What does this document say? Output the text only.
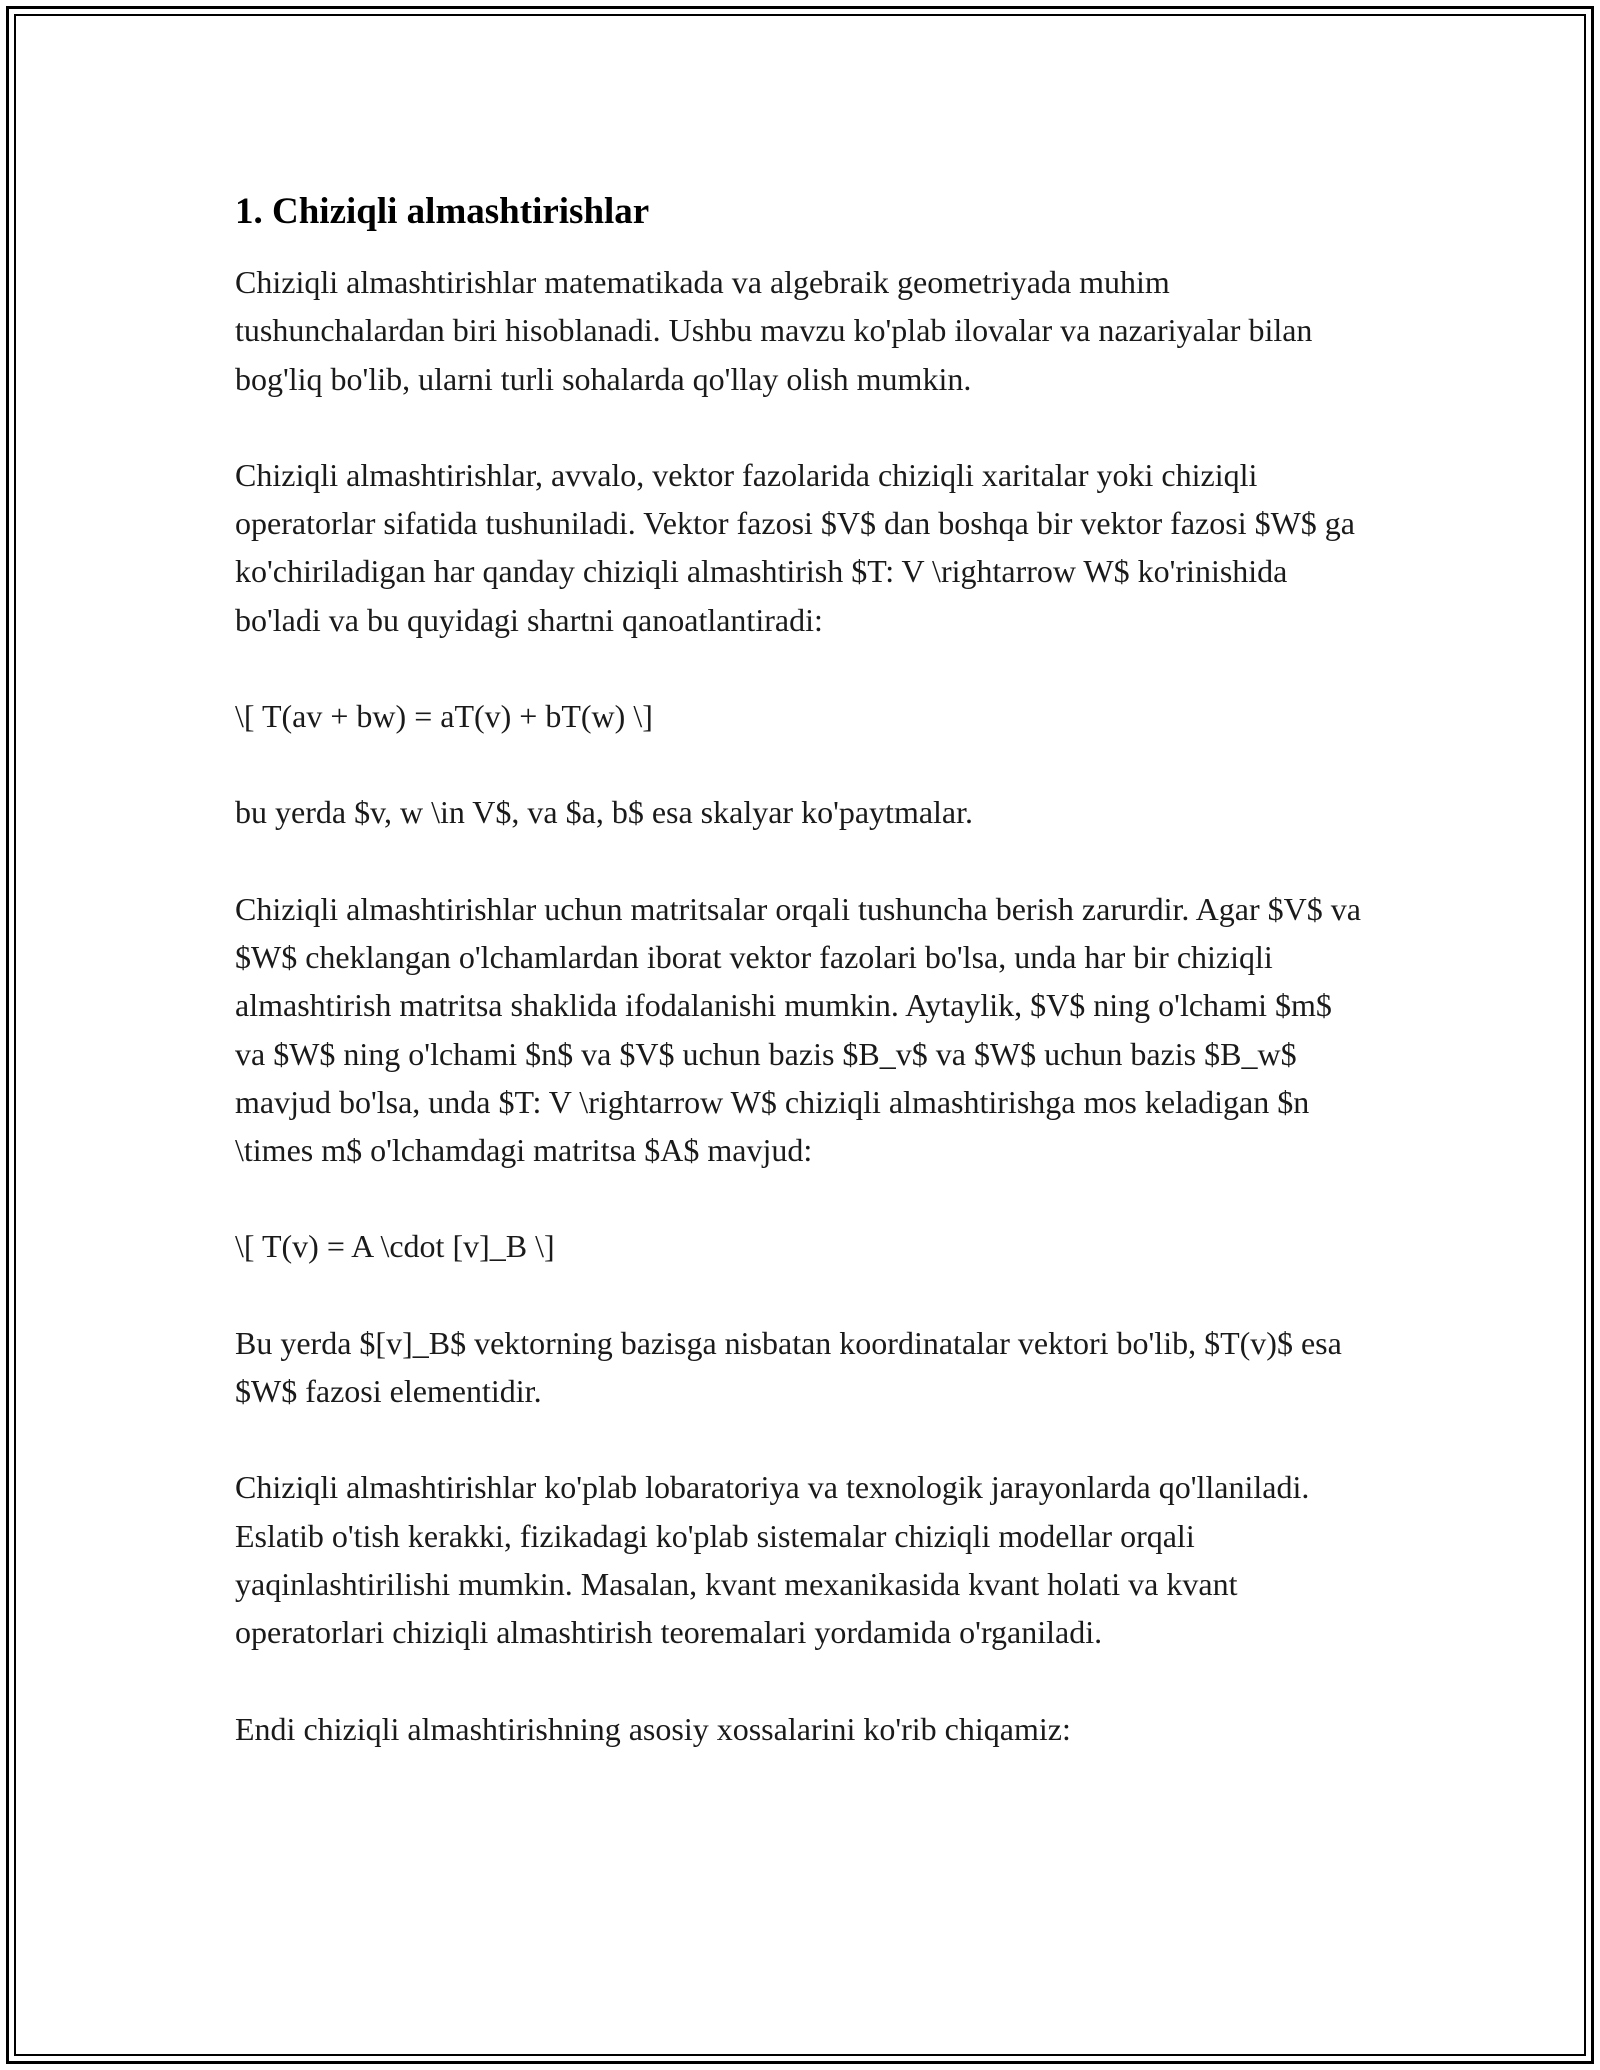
1. Chiziqli almashtirishlar

Chiziqli almashtirishlar matematikada va algebraik geometriyada muhim tushunchalardan biri hisoblanadi. Ushbu mavzu ko'plab ilovalar va nazariyalar bilan bog'liq bo'lib, ularni turli sohalarda qo'llay olish mumkin.

Chiziqli almashtirishlar, avvalo, vektor fazolarida chiziqli xaritalar yoki chiziqli operatorlar sifatida tushuniladi. Vektor fazosi $V$ dan boshqa bir vektor fazosi $W$ ga ko'chiriladigan har qanday chiziqli almashtirish $T: V \rightarrow W$ ko'rinishida bo'ladi va bu quyidagi shartni qanoatlantiradi:

\[ T(av + bw) = aT(v) + bT(w) \]

bu yerda $v, w \in V$, va $a, b$ esa skalyar ko'paytmalar.

Chiziqli almashtirishlar uchun matritsalar orqali tushuncha berish zarurdir. Agar $V$ va $W$ cheklangan o'lchamlardan iborat vektor fazolari bo'lsa, unda har bir chiziqli almashtirish matritsa shaklida ifodalanishi mumkin. Aytaylik, $V$ ning o'lchami $m$ va $W$ ning o'lchami $n$ va $V$ uchun bazis $B_v$ va $W$ uchun bazis $B_w$ mavjud bo'lsa, unda $T: V \rightarrow W$ chiziqli almashtirishga mos keladigan $n \times m$ o'lchamdagi matritsa $A$ mavjud:

\[ T(v) = A \cdot [v]_B \]

Bu yerda $[v]_B$ vektorning bazisga nisbatan koordinatalar vektori bo'lib, $T(v)$ esa $W$ fazosi elementidir.

Chiziqli almashtirishlar ko'plab lobaratoriya va texnologik jarayonlarda qo'llaniladi. Eslatib o'tish kerakki, fizikadagi ko'plab sistemalar chiziqli modellar orqali yaqinlashtirilishi mumkin. Masalan, kvant mexanikasida kvant holati va kvant operatorlari chiziqli almashtirish teoremalari yordamida o'rganiladi.

Endi chiziqli almashtirishning asosiy xossalarini ko'rib chiqamiz:
